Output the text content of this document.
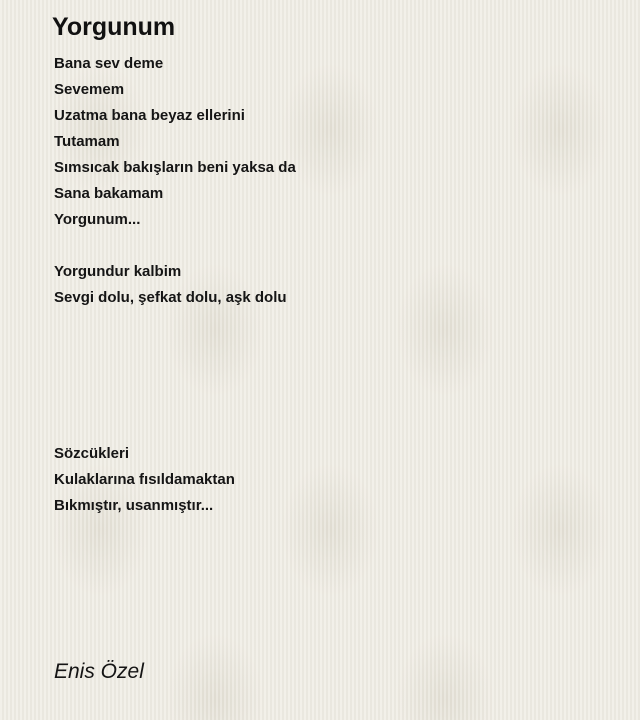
Yorgunum
Bana sev deme
Sevemem
Uzatma bana beyaz ellerini
Tutamam
Sımsıcak bakışların beni yaksa da
Sana bakamam
Yorgunum...
Yorgundur kalbim
Sevgi dolu, şefkat dolu, aşk dolu
Sözcükleri
Kulaklarına fısıldamaktan
Bıkmıştır, usanmıştır...
Enis Özel
